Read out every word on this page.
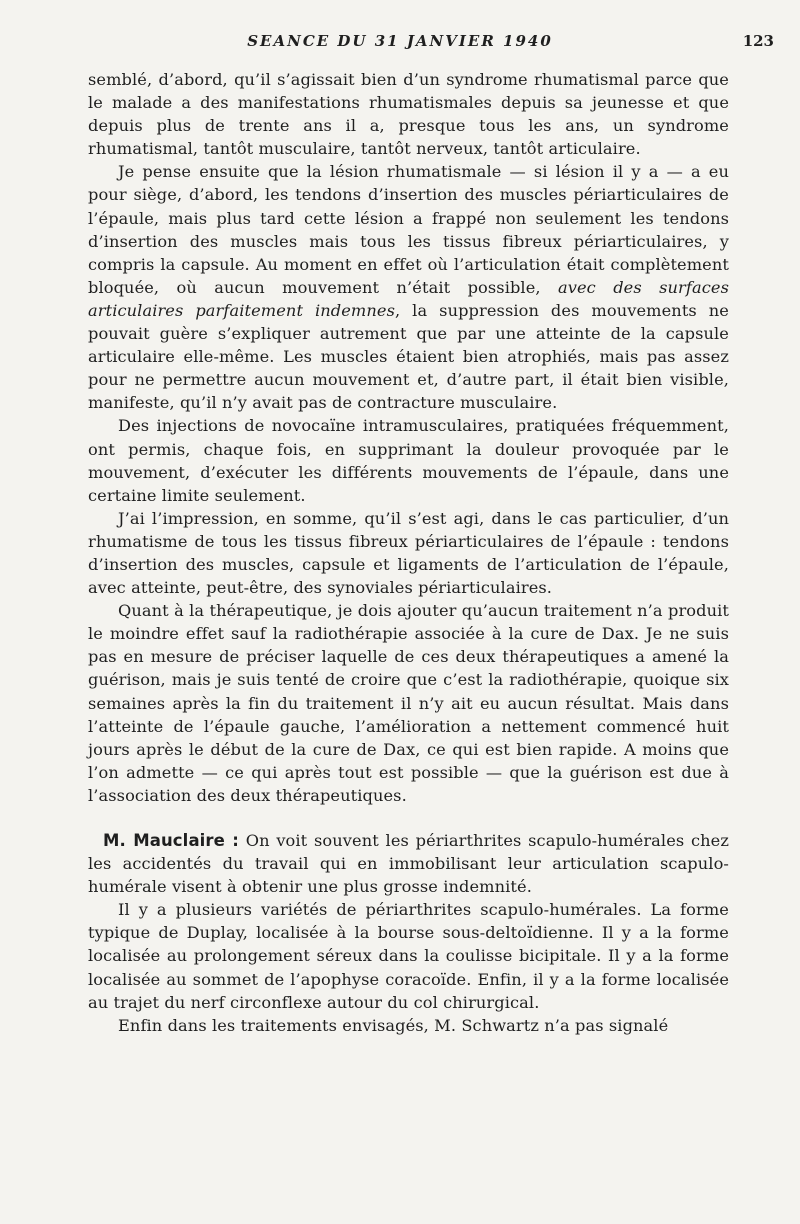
SEANCE DU 31 JANVIER 1940	123

semblé, d’abord, qu’il s’agissait bien d’un syndrome rhumatismal parce que le malade a des manifestations rhumatismales depuis sa jeunesse et que depuis plus de trente ans il a, presque tous les ans, un syndrome rhumatismal, tantôt musculaire, tantôt nerveux, tantôt articulaire.

Je pense ensuite que la lésion rhumatismale — si lésion il y a — a eu pour siège, d’abord, les tendons d’insertion des muscles périarticulaires de l’épaule, mais plus tard cette lésion a frappé non seulement les tendons d’insertion des muscles mais tous les tissus fibreux périarticulaires, y compris la capsule. Au moment en effet où l’articulation était complètement bloquée, où aucun mouvement n’était possible, avec des surfaces articulaires parfaitement indemnes, la suppression des mouvements ne pouvait guère s’expliquer autrement que par une atteinte de la capsule articulaire elle-même. Les muscles étaient bien atrophiés, mais pas assez pour ne permettre aucun mouvement et, d’autre part, il était bien visible, manifeste, qu’il n’y avait pas de contracture musculaire.

Des injections de novocaïne intramusculaires, pratiquées fréquemment, ont permis, chaque fois, en supprimant la douleur provoquée par le mouvement, d’exécuter les différents mouvements de l’épaule, dans une certaine limite seulement.

J’ai l’impression, en somme, qu’il s’est agi, dans le cas particulier, d’un rhumatisme de tous les tissus fibreux périarticulaires de l’épaule : tendons d’insertion des muscles, capsule et ligaments de l’articulation de l’épaule, avec atteinte, peut-être, des synoviales périarticulaires.

Quant à la thérapeutique, je dois ajouter qu’aucun traitement n’a produit le moindre effet sauf la radiothérapie associée à la cure de Dax. Je ne suis pas en mesure de préciser laquelle de ces deux thérapeutiques a amené la guérison, mais je suis tenté de croire que c’est la radiothérapie, quoique six semaines après la fin du traitement il n’y ait eu aucun résultat. Mais dans l’atteinte de l’épaule gauche, l’amélioration a nettement commencé huit jours après le début de la cure de Dax, ce qui est bien rapide. A moins que l’on admette — ce qui après tout est possible — que la guérison est due à l’association des deux thérapeutiques.

M. Mauclaire : On voit souvent les périarthrites scapulo-humérales chez les accidentés du travail qui en immobilisant leur articulation scapulo-humérale visent à obtenir une plus grosse indemnité.

Il y a plusieurs variétés de périarthrites scapulo-humérales. La forme typique de Duplay, localisée à la bourse sous-deltoïdienne. Il y a la forme localisée au prolongement séreux dans la coulisse bicipitale. Il y a la forme localisée au sommet de l’apophyse coracoïde. Enfin, il y a la forme localisée au trajet du nerf circonflexe autour du col chirurgical.

Enfin dans les traitements envisagés, M. Schwartz n’a pas signalé
